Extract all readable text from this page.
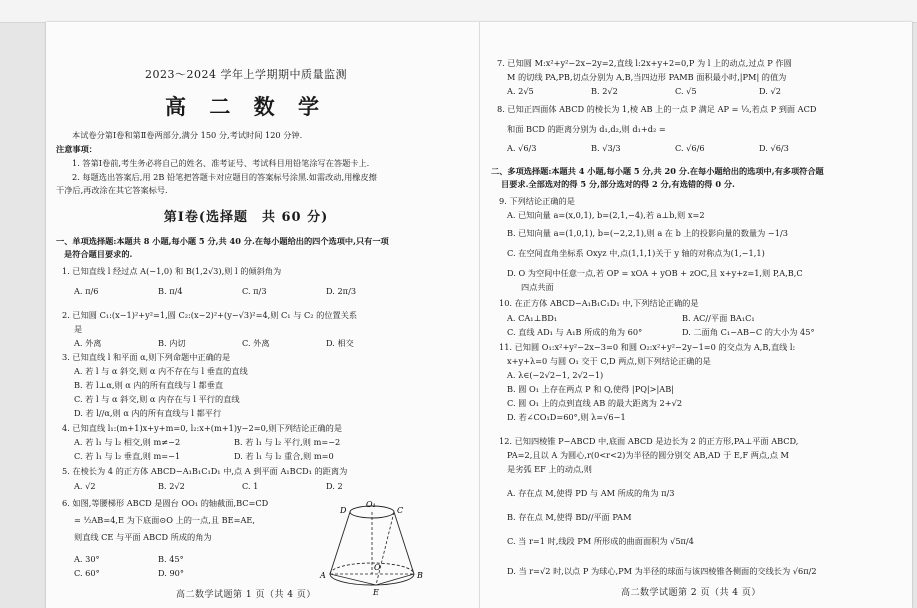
2023～2024 学年上学期期中质量监测
高 二 数 学
本试卷分第Ⅰ卷和第Ⅱ卷两部分,满分 150 分,考试时间 120 分钟.
注意事项：
1. 答第Ⅰ卷前,考生务必将自己的姓名、准考证号、考试科目用铅笔涂写在答题卡上.
2. 每题选出答案后,用 2B 铅笔把答题卡对应题目的答案标号涂黑.如需改动,用橡皮擦
干净后,再改涂在其它答案标号.
第Ⅰ卷(选择题　共 60 分)
一、单项选择题:本题共 8 小题,每小题 5 分,共 40 分.在每小题给出的四个选项中,只有一项
是符合题目要求的.
1. 已知直线 l 经过点 A(−1,0) 和 B(1,2√3),则 l 的倾斜角为
A. π/6	B. π/4	C. π/3	D. 2π/3
2. 已知圆 C₁:(x−1)²+y²=1,圆 C₂:(x−2)²+(y−√3)²=4,则 C₁ 与 C₂ 的位置关系
是
A. 外离	B. 内切	C. 外离	D. 相交
3. 已知直线 l 和平面 α,则下列命题中正确的是
A. 若 l 与 α 斜交,则 α 内不存在与 l 垂直的直线
B. 若 l⊥α,则 α 内的所有直线与 l 都垂直
C. 若 l 与 α 斜交,则 α 内存在与 l 平行的直线
D. 若 l//α,则 α 内的所有直线与 l 都平行
4. 已知直线 l₁:(m+1)x+y+m=0, l₂:x+(m+1)y−2=0,则下列结论正确的是
A. 若 l₁ 与 l₂ 相交,则 m≠−2	B. 若 l₁ 与 l₂ 平行,则 m=−2
C. 若 l₁ 与 l₂ 垂直,则 m=−1	D. 若 l₁ 与 l₂ 重合,则 m=0
5. 在棱长为 4 的正方体 ABCD−A₁B₁C₁D₁ 中,点 A 到平面 A₁BCD₁ 的距离为
A. √2	B. 2√2	C. 1	D. 2
6. 如图,等腰梯形 ABCD 是圆台 OO₁ 的轴截面,BC=CD
= ½AB=4,E 为下底面⊙O 上的一点,且 BE=AE,
则直线 CE 与平面 ABCD 所成的角为
A. 30°	B. 45°
C. 60°	D. 90°
D
O₁
C
O
A	B
E
高二数学试题第 1 页（共 4 页）
7. 已知圆 M:x²+y²−2x−2y=2,直线 l:2x+y+2=0,P 为 l 上的动点,过点 P 作圆
M 的切线 PA,PB,切点分别为 A,B,当四边形 PAMB 面积最小时,|PM| 的值为
A. 2√5	B. 2√2	C. √5	D. √2
8. 已知正四面体 ABCD 的棱长为 1,棱 AB 上的一点 P 满足 AP = ⅓,若点 P 到面 ACD
和面 BCD 的距离分别为 d₁,d₂,则 d₁+d₂ =
A. √6/3	B. √3/3	C. √6/6	D. √6/3
二、多项选择题:本题共 4 小题,每小题 5 分,共 20 分.在每小题给出的选项中,有多项符合题
目要求.全部选对的得 5 分,部分选对的得 2 分,有选错的得 0 分.
9. 下列结论正确的是
A. 已知向量 a=(x,0,1), b=(2,1,−4),若 a⊥b,则 x=2
B. 已知向量 a=(1,0,1), b=(−2,2,1),则 a 在 b 上的投影向量的数量为 −1/3
C. 在空间直角坐标系 Oxyz 中,点(1,1,1)关于 y 轴的对称点为(1,−1,1)
D. O 为空间中任意一点,若 OP = xOA + yOB + zOC,且 x+y+z=1,则 P,A,B,C
四点共面
10. 在正方体 ABCD−A₁B₁C₁D₁ 中,下列结论正确的是
A. CA₁⊥BD₁	B. AC//平面 BA₁C₁
C. 直线 AD₁ 与 A₁B 所成的角为 60°	D. 二面角 C₁−AB−C 的大小为 45°
11. 已知圆 O₁:x²+y²−2x−3=0 和圆 O₂:x²+y²−2y−1=0 的交点为 A,B,直线 l:
x+y+λ=0 与圆 O₁ 交于 C,D 两点,则下列结论正确的是
A. λ∈(−2√2−1, 2√2−1)
B. 圆 O₁ 上存在两点 P 和 Q,使得 |PQ|>|AB|
C. 圆 O₁ 上的点到直线 AB 的最大距离为 2+√2
D. 若∠CO₁D=60°,则 λ=√6−1
12. 已知四棱锥 P−ABCD 中,底面 ABCD 是边长为 2 的正方形,PA⊥平面 ABCD,
PA=2,且以 A 为圆心,r(0<r<2)为半径的圆分别交 AB,AD 于 E,F 两点,点 M
是劣弧 EF 上的动点,则
A. 存在点 M,使得 PD 与 AM 所成的角为 π/3
B. 存在点 M,使得 BD//平面 PAM
C. 当 r=1 时,线段 PM 所形成的曲面面积为 √5π/4
D. 当 r=√2 时,以点 P 为球心,PM 为半径的球面与该四棱锥各侧面的交线长为 √6π/2
高二数学试题第 2 页（共 4 页）
